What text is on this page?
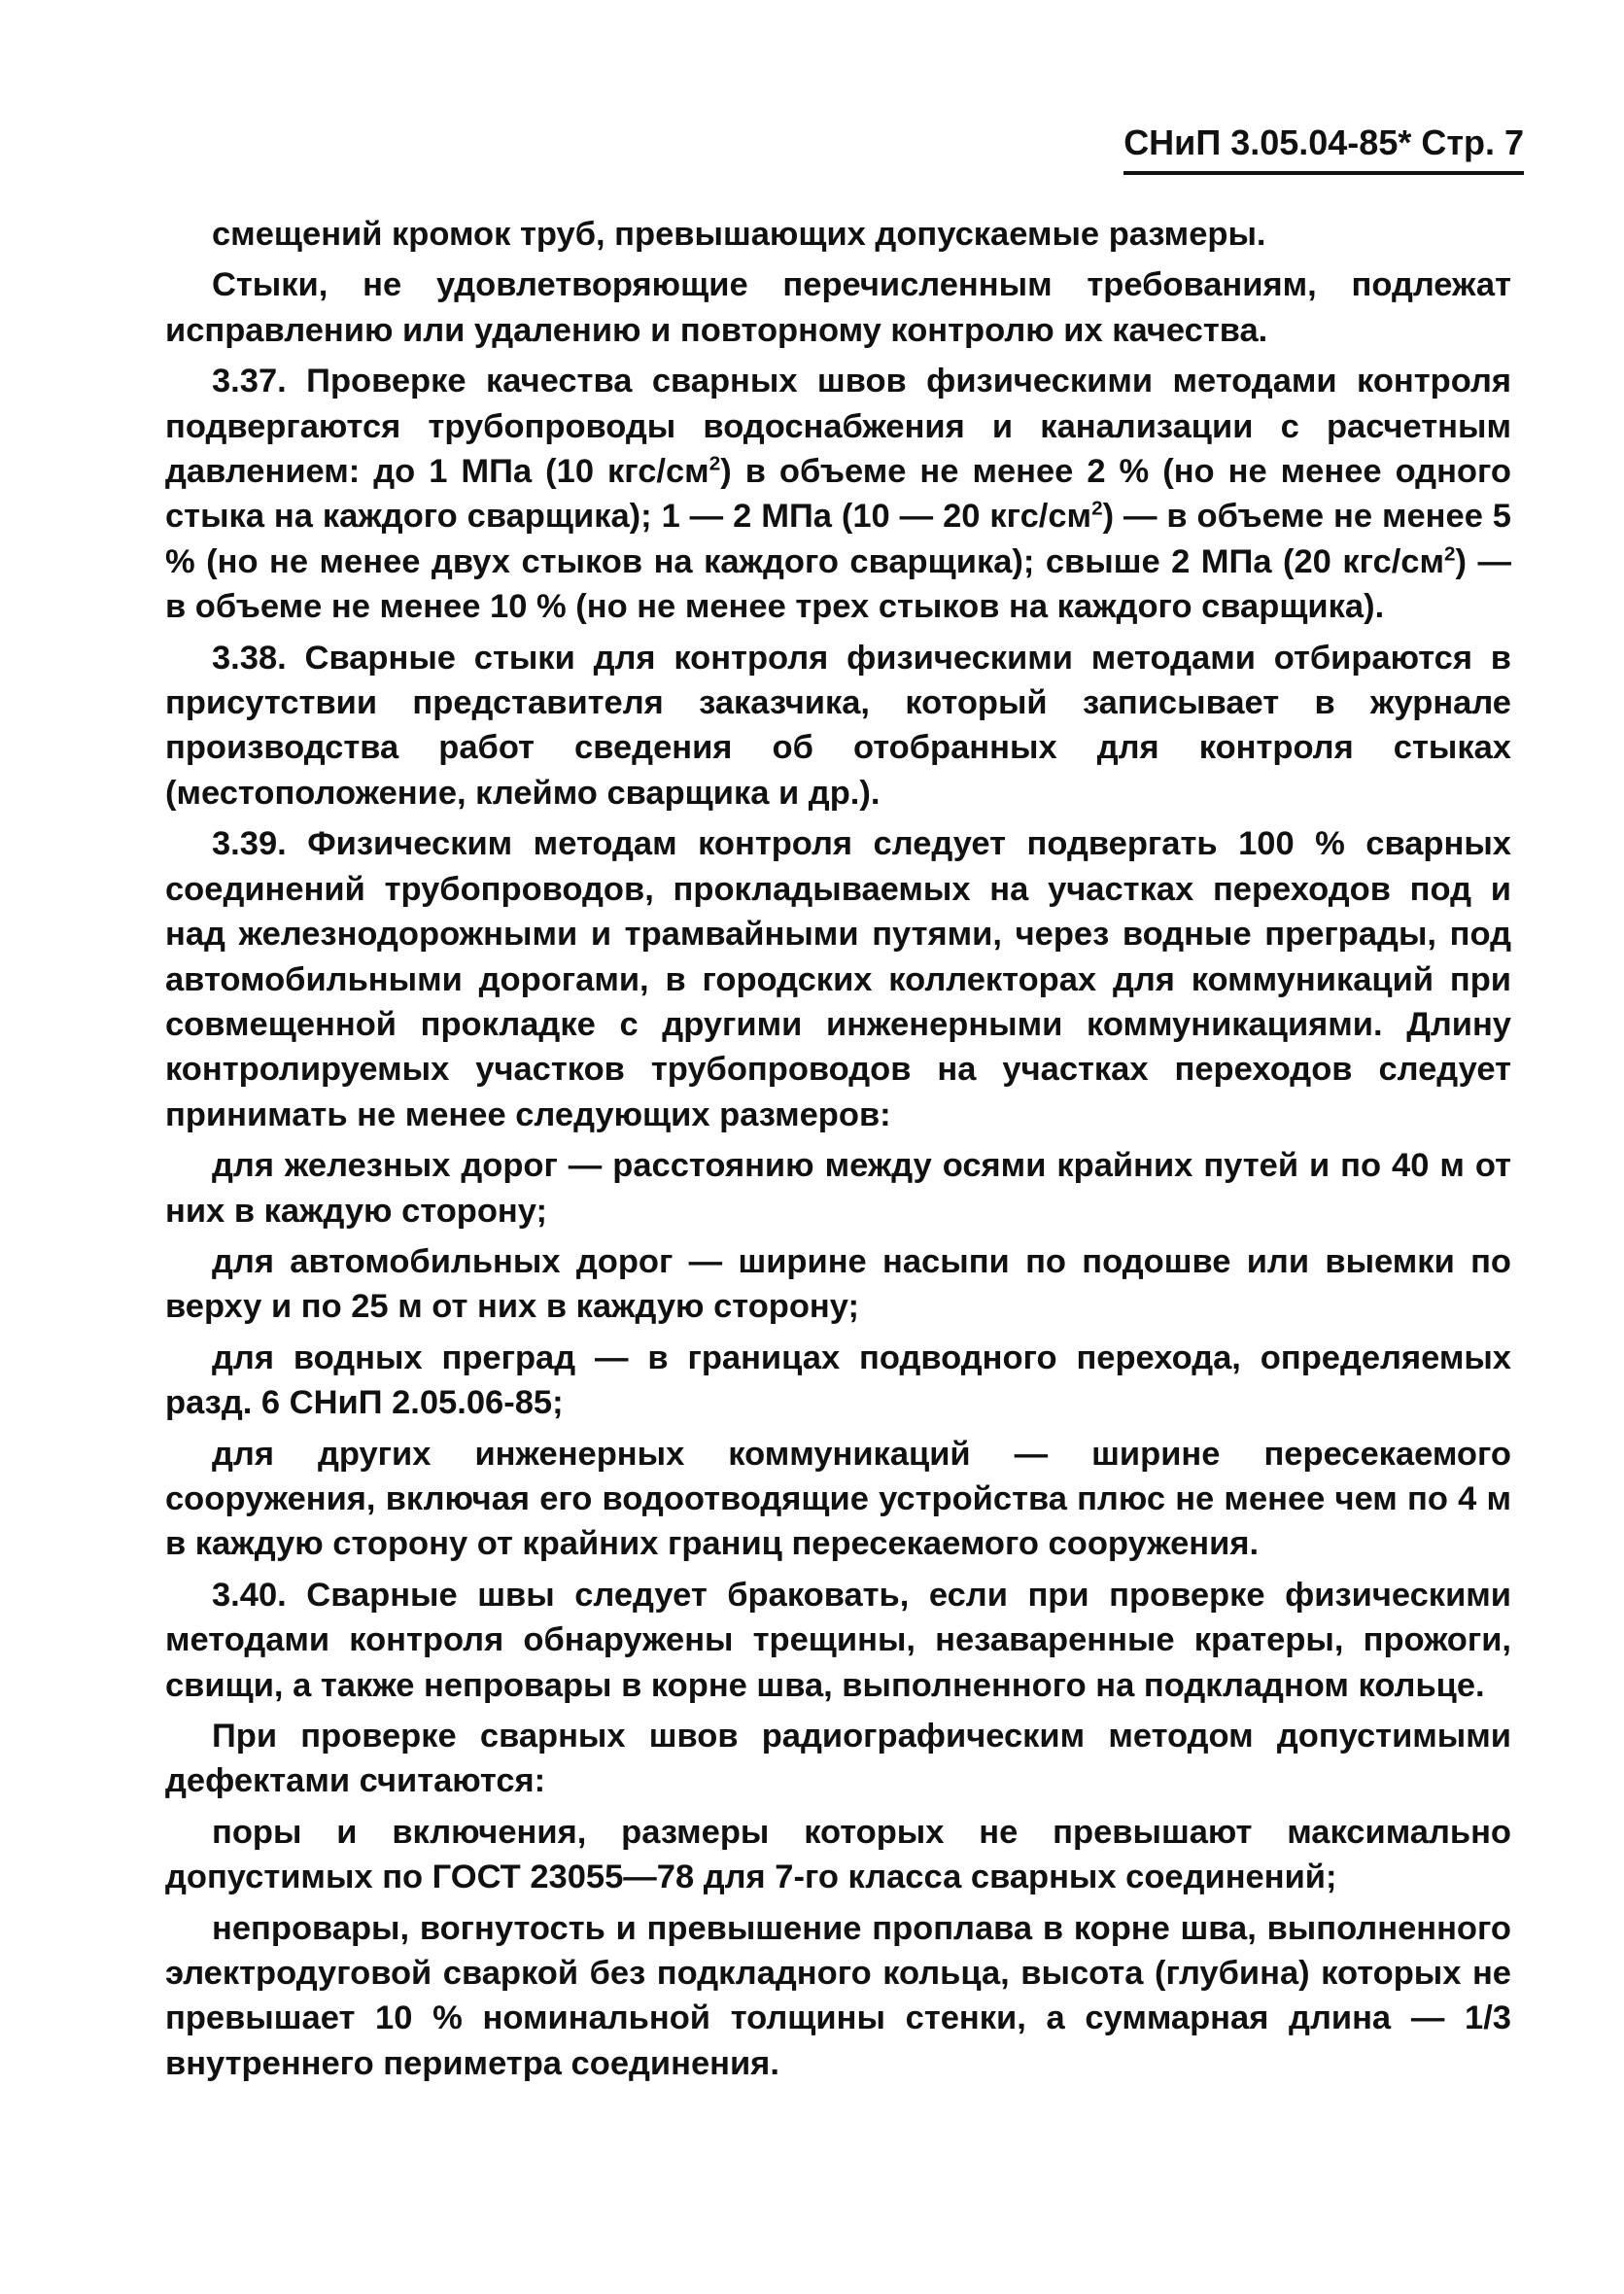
СНиП 3.05.04-85* Стр. 7

смещений кромок труб, превышающих допускаемые размеры.

Стыки, не удовлетворяющие перечисленным требованиям, подлежат исправлению или удалению и повторному контролю их качества.

3.37. Проверке качества сварных швов физическими методами контроля подвергаются трубопроводы водоснабжения и канализации с расчетным давлением: до 1 МПа (10 кгс/$см^2$) в объеме не менее 2 % (но не менее одного стыка на каждого сварщика); 1 — 2 МПа (10 — 20 кгс/$см^2$) — в объеме не менее 5 % (но не менее двух стыков на каждого сварщика); свыше 2 МПа (20 кгс/$см^2$) — в объеме не менее 10 % (но не менее трех стыков на каждого сварщика).

3.38. Сварные стыки для контроля физическими методами отбираются в присутствии представителя заказчика, который записывает в журнале производства работ сведения об отобранных для контроля стыках (местоположение, клеймо сварщика и др.).

3.39. Физическим методам контроля следует подвергать 100 % сварных соединений трубопроводов, прокладываемых на участках переходов под и над железнодорожными и трамвайными путями, через водные преграды, под автомобильными дорогами, в городских коллекторах для коммуникаций при совмещенной прокладке с другими инженерными коммуникациями. Длину контролируемых участков трубопроводов на участках переходов следует принимать не менее следующих размеров:

для железных дорог — расстоянию между осями крайних путей и по 40 м от них в каждую сторону;

для автомобильных дорог — ширине насыпи по подошве или выемки по верху и по 25 м от них в каждую сторону;

для водных преград — в границах подводного перехода, определяемых разд. 6 СНиП 2.05.06-85;

для других инженерных коммуникаций — ширине пересекаемого сооружения, включая его водоотводящие устройства плюс не менее чем по 4 м в каждую сторону от крайних границ пересекаемого сооружения.

3.40. Сварные швы следует браковать, если при проверке физическими методами контроля обнаружены трещины, незаваренные кратеры, прожоги, свищи, а также непровары в корне шва, выполненного на подкладном кольце.

При проверке сварных швов радиографическим методом допустимыми дефектами считаются:

поры и включения, размеры которых не превышают максимально допустимых по ГОСТ 23055—78 для 7-го класса сварных соединений;

непровары, вогнутость и превышение проплава в корне шва, выполненного электродуговой сваркой без подкладного кольца, высота (глубина) которых не превышает 10 % номинальной толщины стенки, а суммарная длина — 1/3 внутреннего периметра соединения.
